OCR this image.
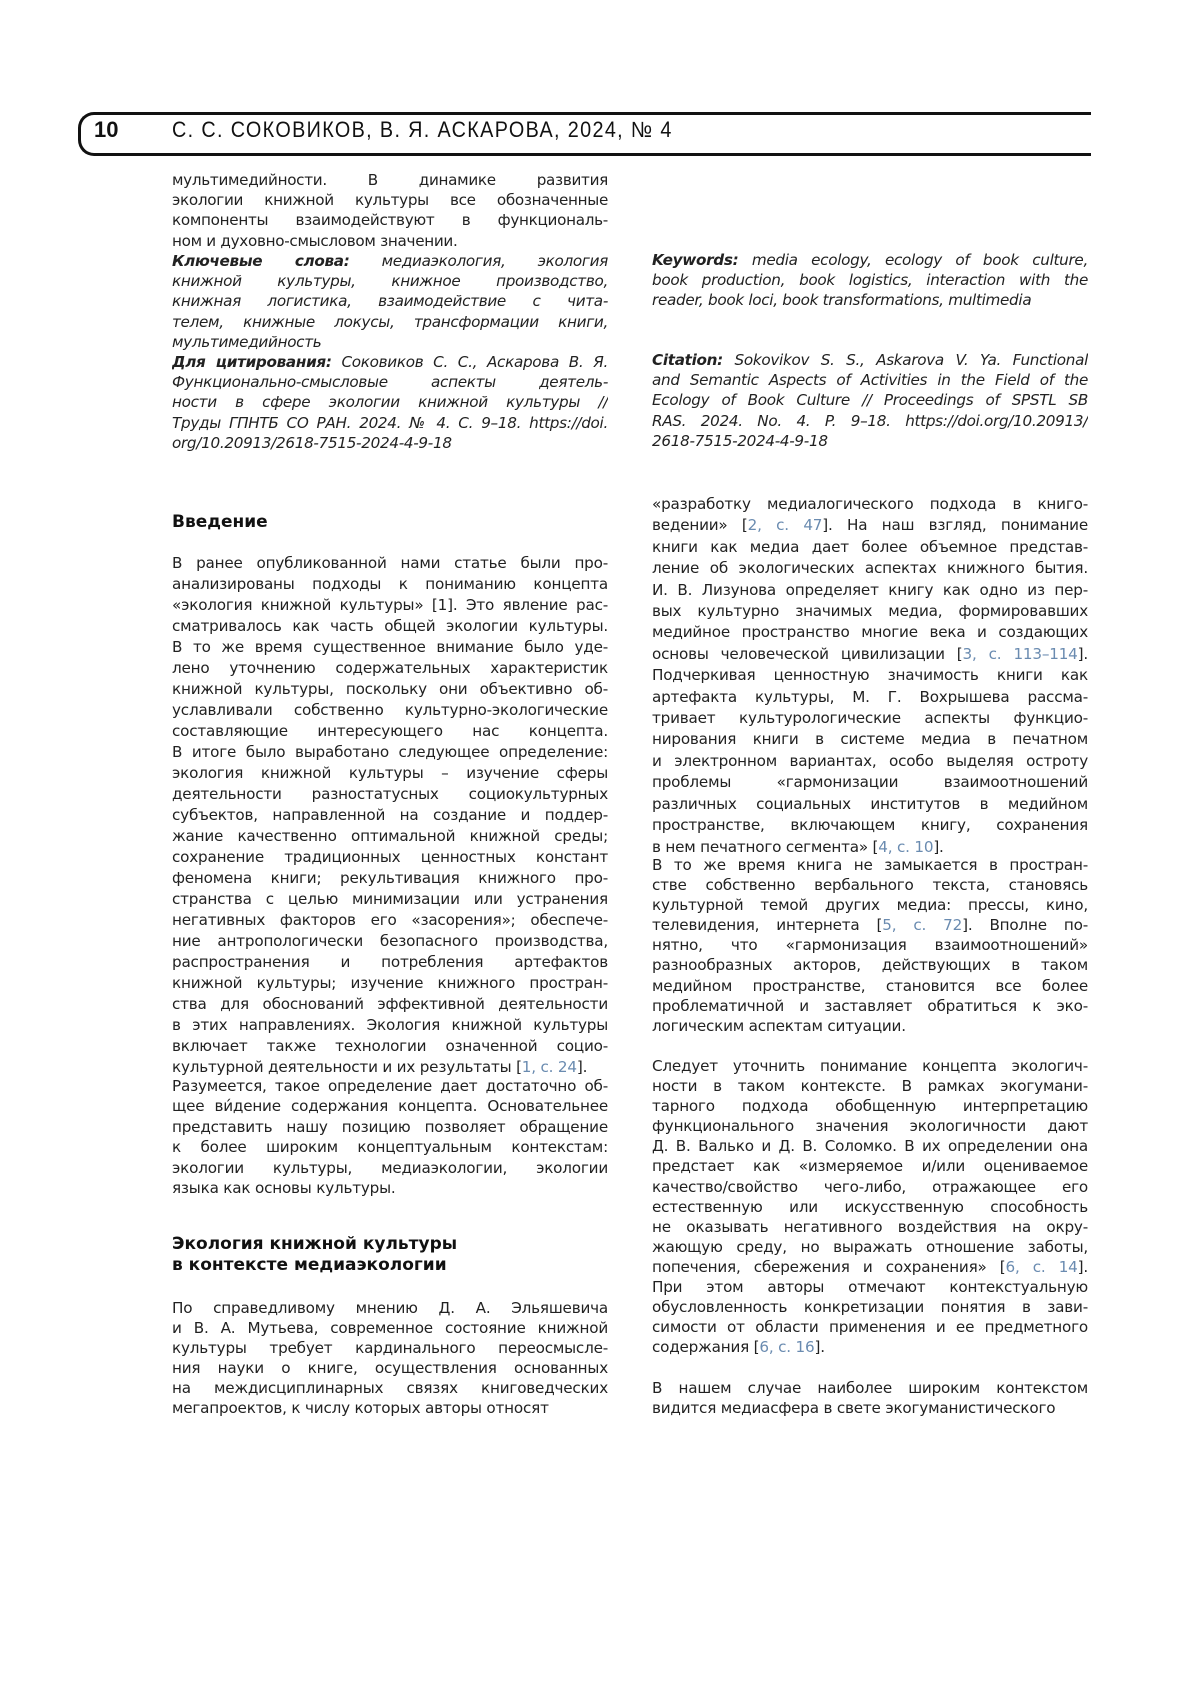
10 С. С. СОКОВИКОВ, В. Я. АСКАРОВА, 2024, № 4
мультимедийности. В динамике развития
экологии книжной культуры все обозначенные
компоненты взаимодействуют в функциональ-
ном и духовно-смысловом значении.
Ключевые слова: медиаэкология, экология
книжной культуры, книжное производство,
книжная логистика, взаимодействие с чита-
телем, книжные локусы, трансформации книги,
мультимедийность
Для цитирования: Соковиков С. С., Аскарова В. Я.
Функционально-смысловые аспекты деятель-
ности в сфере экологии книжной культуры //
Труды ГПНТБ СО РАН. 2024. № 4. С. 9–18. https://doi.
org/10.20913/2618-7515-2024-4-9-18
Keywords: media ecology, ecology of book culture,
book production, book logistics, interaction with the
reader, book loci, book transformations, multimedia
Citation: Sokovikov S. S., Askarova V. Ya. Functional
and Semantic Aspects of Activities in the Field of the
Ecology of Book Culture // Proceedings of SPSTL SB
RAS. 2024. No. 4. P. 9–18. https://doi.org/10.20913/
2618-7515-2024-4-9-18
Введение
В ранее опубликованной нами статье были про-
анализированы подходы к пониманию концепта
«экология книжной культуры» [1]. Это явление рас-
сматривалось как часть общей экологии культуры.
В то же время существенное внимание было уде-
лено уточнению содержательных характеристик
книжной культуры, поскольку они объективно об-
уславливали собственно культурно-экологические
составляющие интересующего нас концепта.
В итоге было выработано следующее определение:
экология книжной культуры – изучение сферы
деятельности разностатусных социокультурных
субъектов, направленной на создание и поддер-
жание качественно оптимальной книжной среды;
сохранение традиционных ценностных констант
феномена книги; рекультивация книжного про-
странства с целью минимизации или устранения
негативных факторов его «засорения»; обеспече-
ние антропологически безопасного производства,
распространения и потребления артефактов
книжной культуры; изучение книжного простран-
ства для обоснований эффективной деятельности
в этих направлениях. Экология книжной культуры
включает также технологии означенной социо-
культурной деятельности и их результаты [1, с. 24].
Разумеется, такое определение дает достаточно об-
щее ви́дение содержания концепта. Основательнее
представить нашу позицию позволяет обращение
к более широким концептуальным контекстам:
экологии культуры, медиаэкологии, экологии
языка как основы культуры.
Экология книжной культуры
в контексте медиаэкологии
По справедливому мнению Д. А. Эльяшевича
и В. А. Мутьева, современное состояние книжной
культуры требует кардинального переосмысле-
ния науки о книге, осуществления основанных
на междисциплинарных связях книговедческих
мегапроектов, к числу которых авторы относят
«разработку медиалогического подхода в книго-
ведении» [2, с. 47]. На наш взгляд, понимание
книги как медиа дает более объемное представ-
ление об экологических аспектах книжного бытия.
И. В. Лизунова определяет книгу как одно из пер-
вых культурно значимых медиа, формировавших
медийное пространство многие века и создающих
основы человеческой цивилизации [3, с. 113–114].
Подчеркивая ценностную значимость книги как
артефакта культуры, М. Г. Вохрышева рассма-
тривает культурологические аспекты функцио-
нирования книги в системе медиа в печатном
и электронном вариантах, особо выделяя остроту
проблемы «гармонизации взаимоотношений
различных социальных институтов в медийном
пространстве, включающем книгу, сохранения
в нем печатного сегмента» [4, с. 10].
В то же время книга не замыкается в простран-
стве собственно вербального текста, становясь
культурной темой других медиа: прессы, кино,
телевидения, интернета [5, с. 72]. Вполне по-
нятно, что «гармонизация взаимоотношений»
разнообразных акторов, действующих в таком
медийном пространстве, становится все более
проблематичной и заставляет обратиться к эко-
логическим аспектам ситуации.
Следует уточнить понимание концепта экологич-
ности в таком контексте. В рамках экогумани-
тарного подхода обобщенную интерпретацию
функционального значения экологичности дают
Д. В. Валько и Д. В. Соломко. В их определении она
предстает как «измеряемое и/или оцениваемое
качество/свойство чего-либо, отражающее его
естественную или искусственную способность
не оказывать негативного воздействия на окру-
жающую среду, но выражать отношение заботы,
попечения, сбережения и сохранения» [6, с. 14].
При этом авторы отмечают контекстуальную
обусловленность конкретизации понятия в зави-
симости от области применения и ее предметного
содержания [6, с. 16].
В нашем случае наиболее широким контекстом
видится медиасфера в свете экогуманистического
